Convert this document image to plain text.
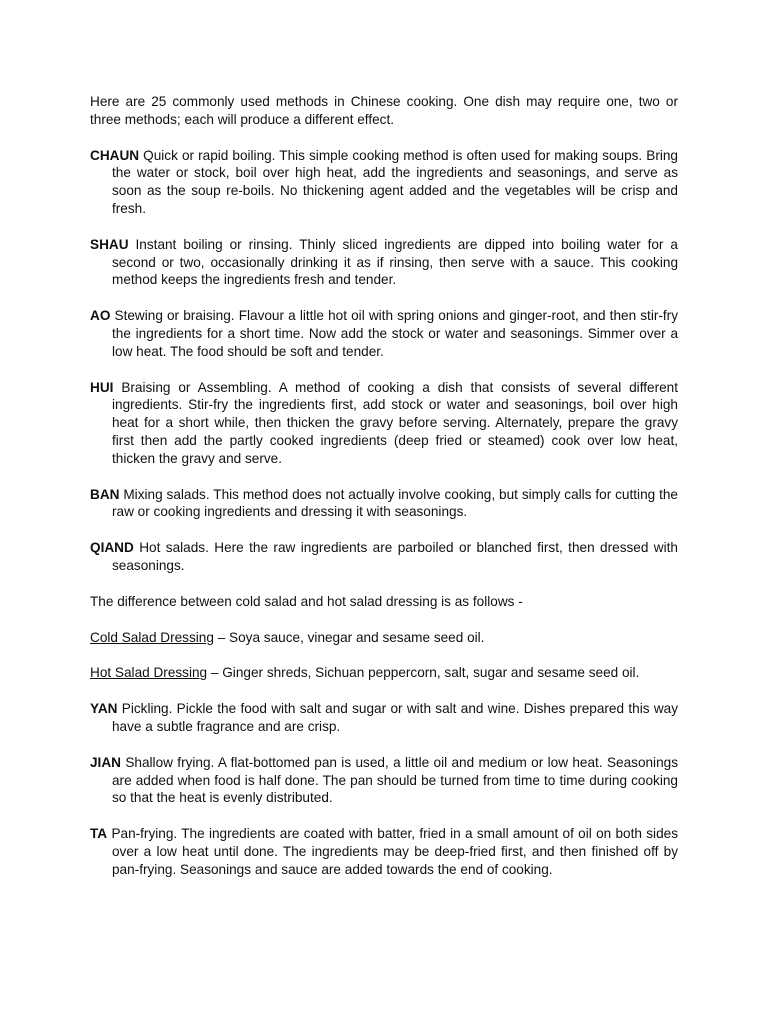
Here are 25 commonly used methods in Chinese cooking. One dish may require one, two or three methods; each will produce a different effect.

CHAUN Quick or rapid boiling. This simple cooking method is often used for making soups. Bring the water or stock, boil over high heat, add the ingredients and seasonings, and serve as soon as the soup re-boils. No thickening agent added and the vegetables will be crisp and fresh.

SHAU Instant boiling or rinsing. Thinly sliced ingredients are dipped into boiling water for a second or two, occasionally drinking it as if rinsing, then serve with a sauce. This cooking method keeps the ingredients fresh and tender.

AO Stewing or braising. Flavour a little hot oil with spring onions and ginger-root, and then stir-fry the ingredients for a short time. Now add the stock or water and seasonings. Simmer over a low heat. The food should be soft and tender.

HUI Braising or Assembling. A method of cooking a dish that consists of several different ingredients. Stir-fry the ingredients first, add stock or water and seasonings, boil over high heat for a short while, then thicken the gravy before serving. Alternately, prepare the gravy first then add the partly cooked ingredients (deep fried or steamed) cook over low heat, thicken the gravy and serve.

BAN Mixing salads. This method does not actually involve cooking, but simply calls for cutting the raw or cooking ingredients and dressing it with seasonings.

QIAND Hot salads. Here the raw ingredients are parboiled or blanched first, then dressed with seasonings.

The difference between cold salad and hot salad dressing is as follows -

Cold Salad Dressing – Soya sauce, vinegar and sesame seed oil.

Hot Salad Dressing – Ginger shreds, Sichuan peppercorn, salt, sugar and sesame seed oil.

YAN Pickling. Pickle the food with salt and sugar or with salt and wine. Dishes prepared this way have a subtle fragrance and are crisp.

JIAN Shallow frying. A flat-bottomed pan is used, a little oil and medium or low heat. Seasonings are added when food is half done. The pan should be turned from time to time during cooking so that the heat is evenly distributed.

TA Pan-frying. The ingredients are coated with batter, fried in a small amount of oil on both sides over a low heat until done. The ingredients may be deep-fried first, and then finished off by pan-frying. Seasonings and sauce are added towards the end of cooking.
